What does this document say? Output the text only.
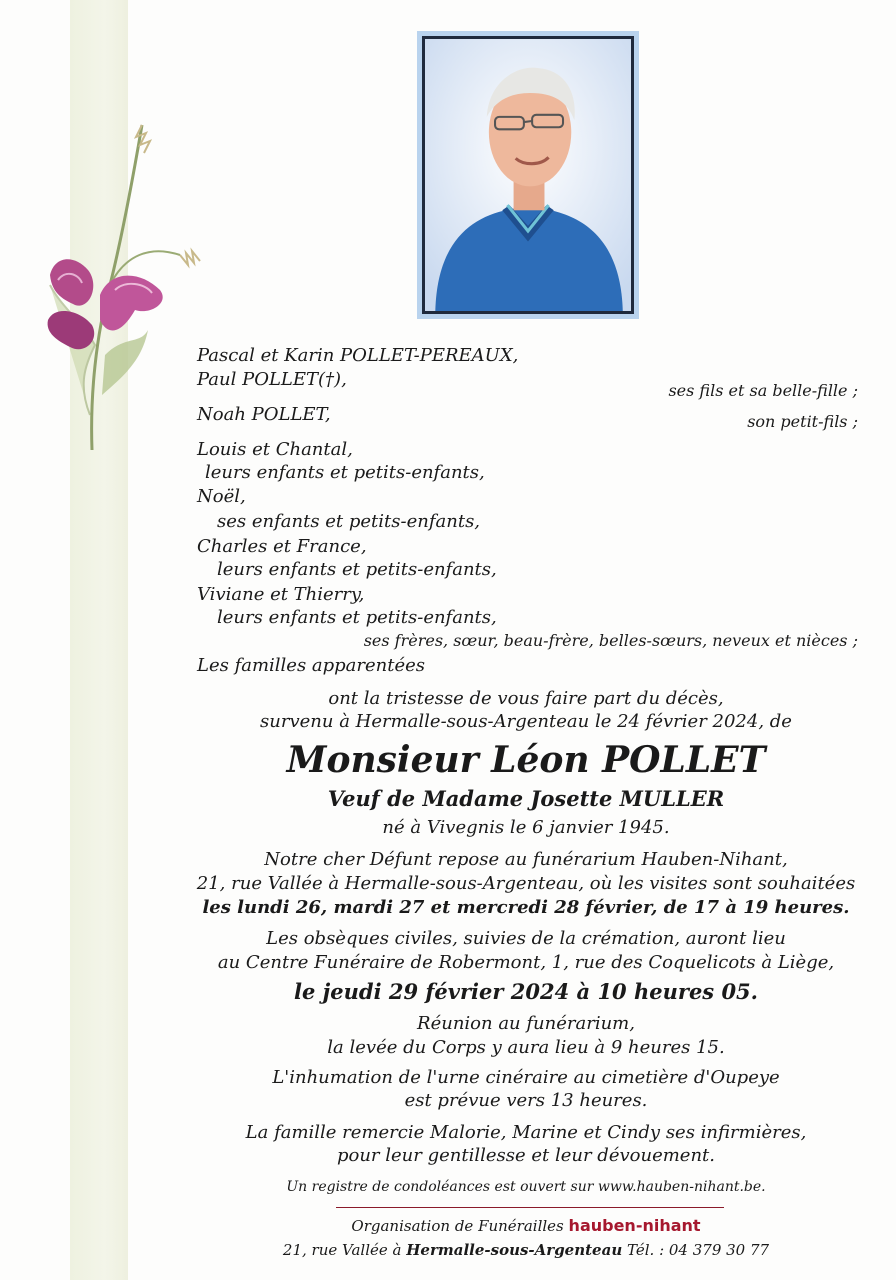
Pascal et Karin POLLET-PEREAUX,
Paul POLLET(†),
ses fils et sa belle-fille ;
Noah POLLET,	son petit-fils ;
Louis et Chantal,
leurs enfants et petits-enfants,
Noël,
ses enfants et petits-enfants,
Charles et France,
leurs enfants et petits-enfants,
Viviane et Thierry,
leurs enfants et petits-enfants,
ses frères, sœur, beau-frère, belles-sœurs, neveux et nièces ;
Les familles apparentées
ont la tristesse de vous faire part du décès,
survenu à Hermalle-sous-Argenteau le 24 février 2024, de
Monsieur Léon POLLET
Veuf de Madame Josette MULLER
né à Vivegnis le 6 janvier 1945.
Notre cher Défunt repose au funérarium Hauben-Nihant,
21, rue Vallée à Hermalle-sous-Argenteau, où les visites sont souhaitées
les lundi 26, mardi 27 et mercredi 28 février, de 17 à 19 heures.
Les obsèques civiles, suivies de la crémation, auront lieu
au Centre Funéraire de Robermont, 1, rue des Coquelicots à Liège,
le jeudi 29 février 2024 à 10 heures 05.
Réunion au funérarium,
la levée du Corps y aura lieu à 9 heures 15.
L'inhumation de l'urne cinéraire au cimetière d'Oupeye
est prévue vers 13 heures.
La famille remercie Malorie, Marine et Cindy ses infirmières,
pour leur gentillesse et leur dévouement.
Un registre de condoléances est ouvert sur www.hauben-nihant.be.
Organisation de Funérailles hauben-nihant
21, rue Vallée à Hermalle-sous-Argenteau Tél. : 04 379 30 77
